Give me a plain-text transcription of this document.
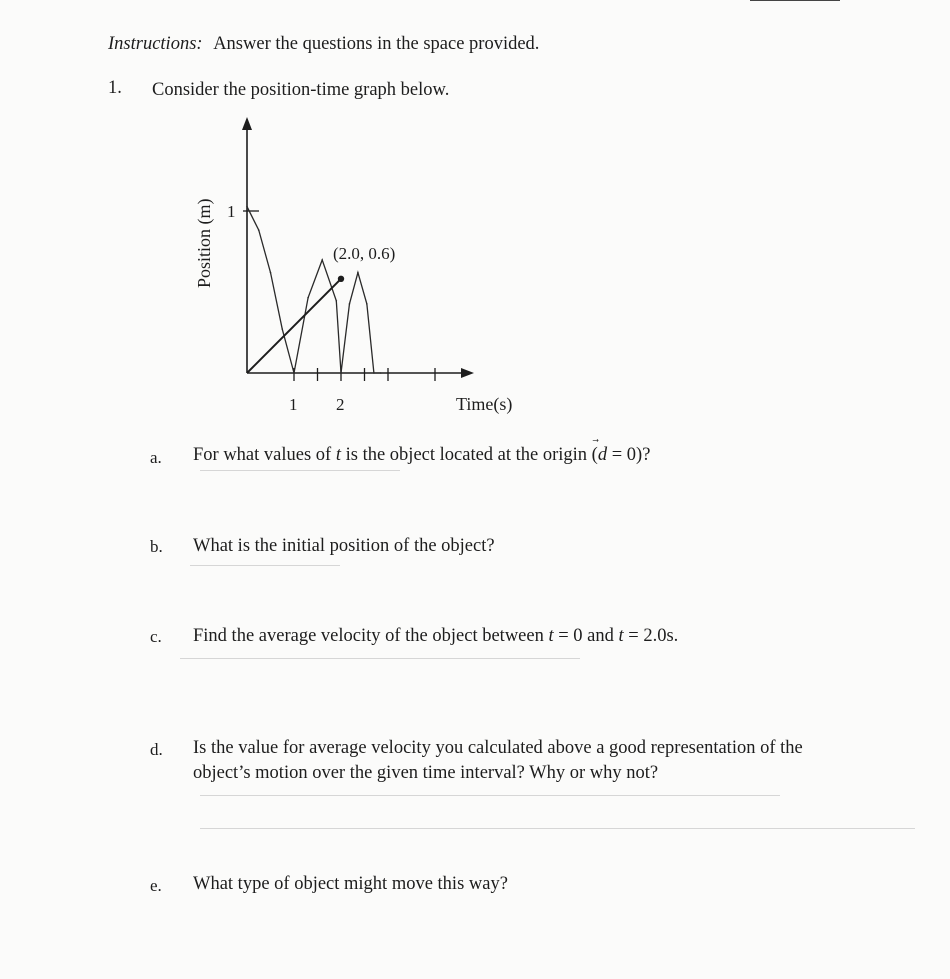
Instructions: Answer the questions in the space provided.
1. Consider the position-time graph below.
1 2	Time(s)
1
Position (m)	(2.0, 0.6)
a. For what values of t is the object located at the origin (d
= 0)?
b. What is the initial position of the object?
c. Find the average velocity of the object between t = 0 and t = 2.0s.
d. Is the value for average velocity you calculated above a good representation of the
object’s motion over the given time interval? Why or why not?
e. What type of object might move this way?
